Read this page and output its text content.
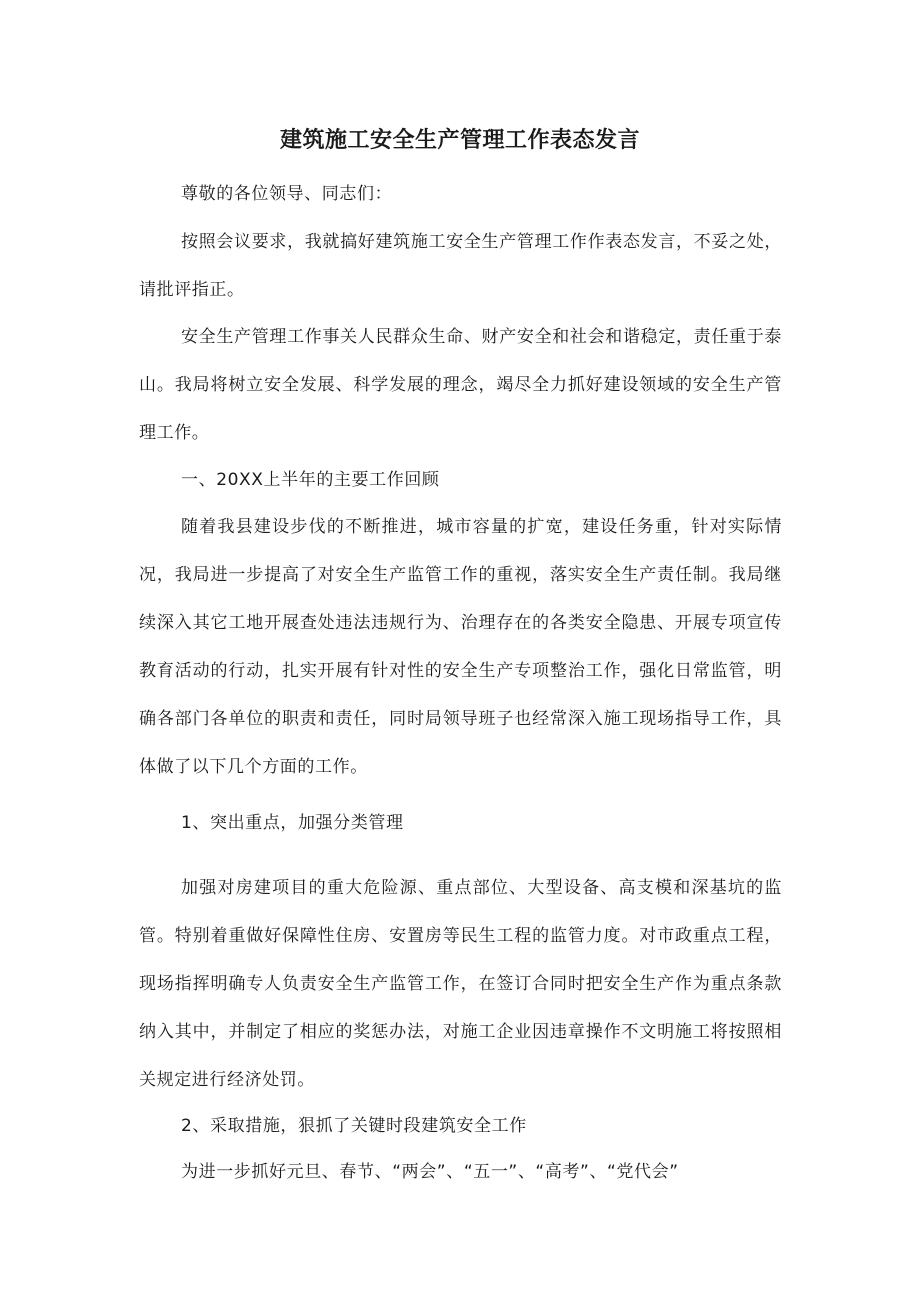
建筑施工安全生产管理工作表态发言

尊敬的各位领导、同志们：

按照会议要求，我就搞好建筑施工安全生产管理工作作表态发言，不妥之处，请批评指正。

安全生产管理工作事关人民群众生命、财产安全和社会和谐稳定，责任重于泰山。我局将树立安全发展、科学发展的理念，竭尽全力抓好建设领域的安全生产管理工作。

一、20XX上半年的主要工作回顾

随着我县建设步伐的不断推进，城市容量的扩宽，建设任务重，针对实际情况，我局进一步提高了对安全生产监管工作的重视，落实安全生产责任制。我局继续深入其它工地开展查处违法违规行为、治理存在的各类安全隐患、开展专项宣传教育活动的行动，扎实开展有针对性的安全生产专项整治工作，强化日常监管，明确各部门各单位的职责和责任，同时局领导班子也经常深入施工现场指导工作，具体做了以下几个方面的工作。

1、突出重点，加强分类管理

加强对房建项目的重大危险源、重点部位、大型设备、高支模和深基坑的监管。特别着重做好保障性住房、安置房等民生工程的监管力度。对市政重点工程，现场指挥明确专人负责安全生产监管工作，在签订合同时把安全生产作为重点条款纳入其中，并制定了相应的奖惩办法，对施工企业因违章操作不文明施工将按照相关规定进行经济处罚。

2、采取措施，狠抓了关键时段建筑安全工作

为进一步抓好元旦、春节、“两会”、“五一”、“高考”、“党代会”
